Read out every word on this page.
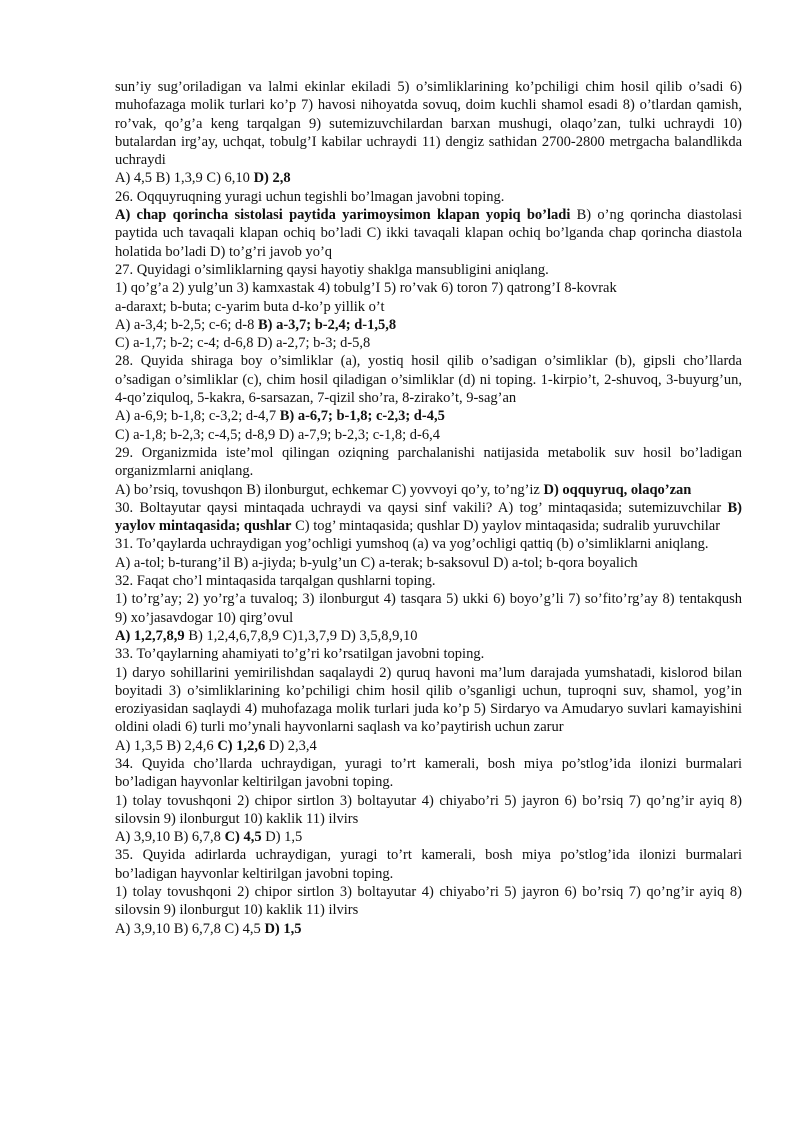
sun’iy sug’oriladigan va lalmi ekinlar ekiladi 5) o’simliklarining ko’pchiligi chim hosil qilib o’sadi 6) muhofazaga molik turlari ko’p 7) havosi nihoyatda sovuq, doim kuchli shamol esadi 8) o’tlardan qamish, ro’vak, qo’g’a keng tarqalgan 9) sutemizuvchilardan barxan mushugi, olaqo’zan, tulki uchraydi 10) butalardan irg’ay, uchqat, tobulg’I kabilar uchraydi 11) dengiz sathidan 2700-2800 metrgacha balandlikda uchraydi
A) 4,5 B) 1,3,9 C) 6,10 D) 2,8
26. Oqquyruqning yuragi uchun tegishli bo’lmagan javobni toping.
A) chap qorincha sistolasi paytida yarimoysimon klapan yopiq bo’ladi B) o’ng qorincha diastolasi paytida uch tavaqali klapan ochiq bo’ladi C) ikki tavaqali klapan ochiq bo’lganda chap qorincha diastola holatida bo’ladi D) to’g’ri javob yo’q
27. Quyidagi o’simliklarning qaysi hayotiy shaklga mansubligini aniqlang.
1) qo’g’a 2) yulg’un 3) kamxastak 4) tobulg’I 5) ro’vak 6) toron 7) qatrong’I 8-kovrak
a-daraxt; b-buta; c-yarim buta d-ko’p yillik o’t
A) a-3,4; b-2,5; c-6; d-8 B) a-3,7; b-2,4; d-1,5,8
C) a-1,7; b-2; c-4; d-6,8 D) a-2,7; b-3; d-5,8
28. Quyida shiraga boy o’simliklar (a), yostiq hosil qilib o’sadigan o’simliklar (b), gipsli cho’llarda o’sadigan o’simliklar (c), chim hosil qiladigan o’simliklar (d) ni toping. 1-kirpio’t, 2-shuvoq, 3-buyurg’un, 4-qo’ziquloq, 5-kakra, 6-sarsazan, 7-qizil sho’ra, 8-zirako’t, 9-sag’an
A) a-6,9; b-1,8; c-3,2; d-4,7 B) a-6,7; b-1,8; c-2,3; d-4,5
C) a-1,8; b-2,3; c-4,5; d-8,9 D) a-7,9; b-2,3; c-1,8; d-6,4
29. Organizmida iste’mol qilingan oziqning parchalanishi natijasida metabolik suv hosil bo’ladigan organizmlarni aniqlang.
A) bo’rsiq, tovushqon B) ilonburgut, echkemar C) yovvoyi qo’y, to’ng’iz D) oqquyruq, olaqo’zan
30. Boltayutar qaysi mintaqada uchraydi va qaysi sinf vakili? A) tog’ mintaqasida; sutemizuvchilar B) yaylov mintaqasida; qushlar C) tog’ mintaqasida; qushlar D) yaylov mintaqasida; sudralib yuruvchilar
31. To’qaylarda uchraydigan yog’ochligi yumshoq (a) va yog’ochligi qattiq (b) o’simliklarni aniqlang.
A) a-tol; b-turang’il B) a-jiyda; b-yulg’un C) a-terak; b-saksovul D) a-tol; b-qora boyalich
32. Faqat cho’l mintaqasida tarqalgan qushlarni toping.
1) to’rg’ay; 2) yo’rg’a tuvaloq; 3) ilonburgut 4) tasqara 5) ukki 6) boyo’g’li 7) so’fito’rg’ay 8) tentakqush 9) xo’jasavdogar 10) qirg’ovul
A) 1,2,7,8,9 B) 1,2,4,6,7,8,9 C)1,3,7,9 D) 3,5,8,9,10
33. To’qaylarning ahamiyati to’g’ri ko’rsatilgan javobni toping.
1) daryo sohillarini yemirilishdan saqalaydi 2) quruq havoni ma’lum darajada yumshatadi, kislorod bilan boyitadi 3) o’simliklarining ko’pchiligi chim hosil qilib o’sganligi uchun, tuproqni suv, shamol, yog’in eroziyasidan saqlaydi 4) muhofazaga molik turlari juda ko’p 5) Sirdaryo va Amudaryo suvlari kamayishini oldini oladi 6) turli mo’ynali hayvonlarni saqlash va ko’paytirish uchun zarur
A) 1,3,5 B) 2,4,6 C) 1,2,6 D) 2,3,4
34. Quyida cho’llarda uchraydigan, yuragi to’rt kamerali, bosh miya po’stlog’ida ilonizi burmalari bo’ladigan hayvonlar keltirilgan javobni toping.
1) tolay tovushqoni 2) chipor sirtlon 3) boltayutar 4) chiyabo’ri 5) jayron 6) bo’rsiq 7) qo’ng’ir ayiq 8) silovsin 9) ilonburgut 10) kaklik 11) ilvirs
A) 3,9,10 B) 6,7,8 C) 4,5 D) 1,5
35. Quyida adirlarda uchraydigan, yuragi to’rt kamerali, bosh miya po’stlog’ida ilonizi burmalari bo’ladigan hayvonlar keltirilgan javobni toping.
1) tolay tovushqoni 2) chipor sirtlon 3) boltayutar 4) chiyabo’ri 5) jayron 6) bo’rsiq 7) qo’ng’ir ayiq 8) silovsin 9) ilonburgut 10) kaklik 11) ilvirs
A) 3,9,10 B) 6,7,8 C) 4,5 D) 1,5
